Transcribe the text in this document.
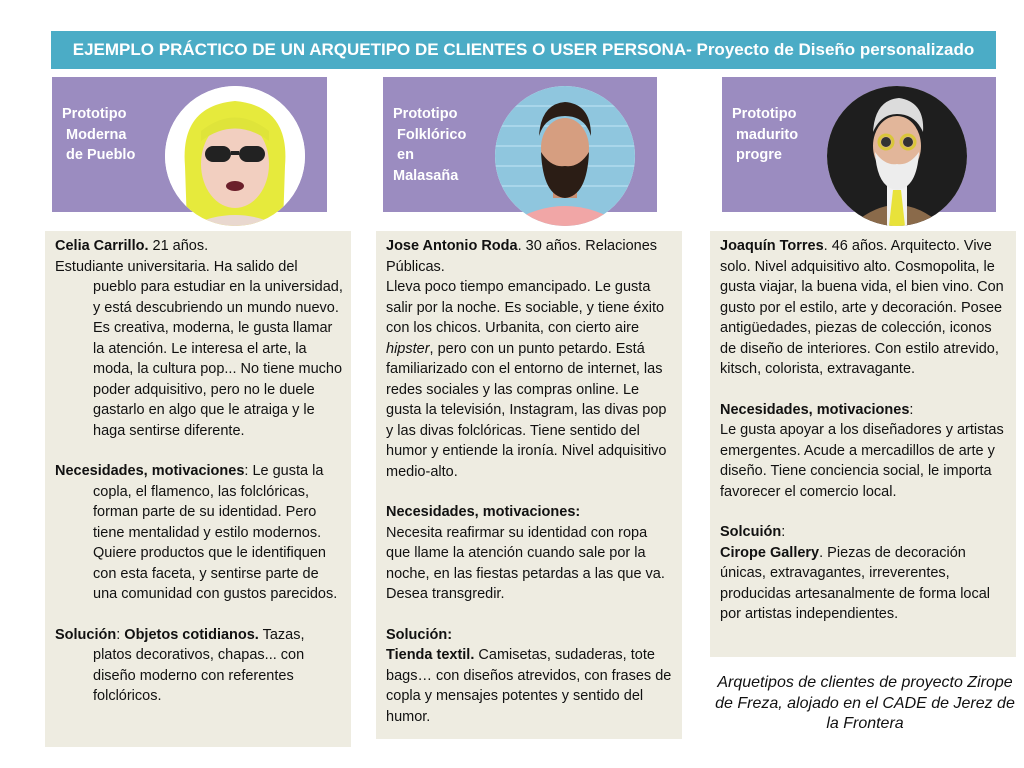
EJEMPLO PRÁCTICO DE UN ARQUETIPO DE CLIENTES O USER PERSONA- Proyecto de Diseño personalizado
Prototipo
Moderna
de Pueblo
Prototipo
Folklórico
en
Malasaña
Prototipo
madurito
progre

Celia Carrillo. 21 años.

Estudiante universitaria. Ha salido del pueblo para estudiar en la universidad, y está descubriendo un mundo nuevo. Es creativa, moderna, le gusta llamar la atención. Le interesa el arte, la moda, la cultura pop... No tiene mucho poder adquisitivo, pero no le duele gastarlo en algo que le atraiga y le haga sentirse diferente.

Necesidades, motivaciones: Le gusta la copla, el flamenco, las folclóricas, forman parte de su identidad. Pero tiene mentalidad y estilo modernos. Quiere productos que le identifiquen con esta faceta, y sentirse parte de una comunidad con gustos parecidos.

Solución: Objetos cotidianos. Tazas, platos decorativos, chapas... con diseño moderno con referentes folclóricos.

Jose Antonio Roda. 30 años. Relaciones Públicas.

Lleva poco tiempo emancipado. Le gusta salir por la noche. Es sociable, y tiene éxito con los chicos. Urbanita, con cierto aire hipster, pero con un punto petardo. Está familiarizado con el entorno de internet, las redes sociales y las compras online. Le gusta la televisión, Instagram, las divas pop y las divas folclóricas. Tiene sentido del humor y entiende la ironía. Nivel adquisitivo medio-alto.

Necesidades, motivaciones:

Necesita reafirmar su identidad con ropa que llame la atención cuando sale por la noche, en las fiestas petardas a las que va. Desea transgredir.

Solución:

Tienda textil. Camisetas, sudaderas, tote bags… con diseños atrevidos, con frases de copla y mensajes potentes y sentido del humor.

Joaquín Torres. 46 años. Arquitecto. Vive solo. Nivel adquisitivo alto. Cosmopolita, le gusta viajar, la buena vida, el bien vino. Con gusto por el estilo, arte y decoración. Posee antigüedades, piezas de colección, iconos de diseño de interiores. Con estilo atrevido, kitsch, colorista, extravagante.

Necesidades, motivaciones:

Le gusta apoyar a los diseñadores y artistas emergentes. Acude a mercadillos de arte y diseño. Tiene conciencia social, le importa favorecer el comercio local.

Solcuión:

Cirope Gallery. Piezas de decoración únicas, extravagantes, irreverentes, producidas artesanalmente de forma local por artistas independientes.

Arquetipos de clientes de proyecto Zirope de Freza, alojado en el CADE de Jerez de la Frontera
